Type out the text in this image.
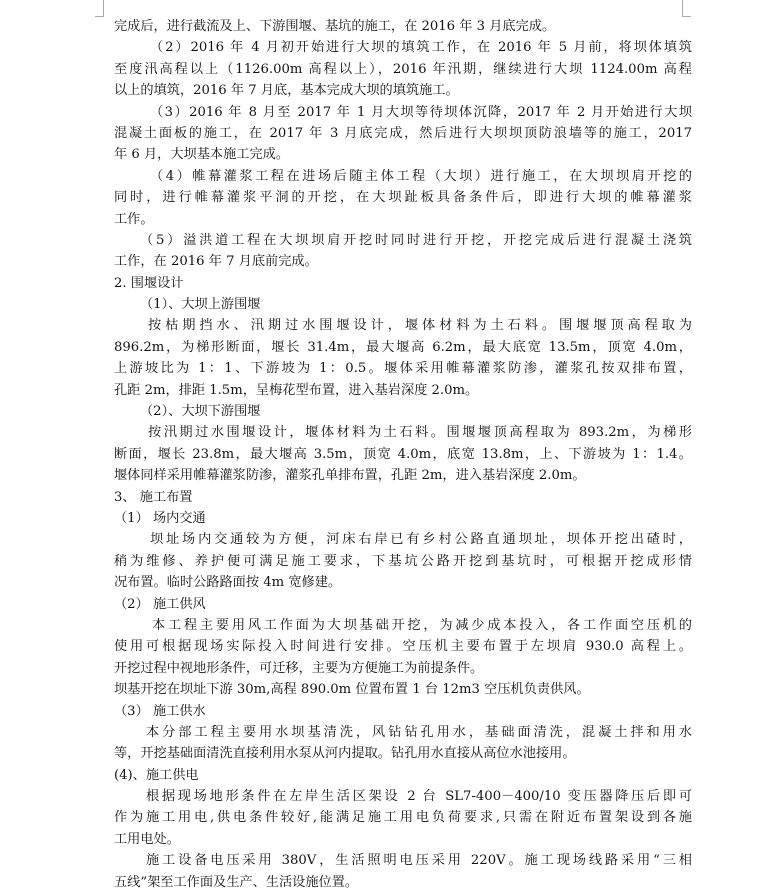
完成后，进行截流及上、下游围堰、基坑的施工，在 2016 年 3 月底完成。
（2）2016 年 4 月初开始进行大坝的填筑工作，在 2016 年 5 月前，将坝体填筑
至度汛高程以上（1126.00m 高程以上），2016 年汛期，继续进行大坝 1124.00m 高程
以上的填筑，2016 年 7 月底，基本完成大坝的填筑施工。
（3）2016 年 8 月至 2017 年 1 月大坝等待坝体沉降，2017 年 2 月开始进行大坝
混凝土面板的施工，在 2017 年 3 月底完成，然后进行大坝坝顶防浪墙等的施工，2017
年 6 月，大坝基本施工完成。
（4）帷幕灌浆工程在进场后随主体工程（大坝）进行施工，在大坝坝肩开挖的
同时，进行帷幕灌浆平洞的开挖，在大坝趾板具备条件后，即进行大坝的帷幕灌浆
工作。
（5）溢洪道工程在大坝坝肩开挖时同时进行开挖，开挖完成后进行混凝土浇筑
工作，在 2016 年 7 月底前完成。
2. 围堰设计
（1）、大坝上游围堰
按枯期挡水、汛期过水围堰设计，堰体材料为土石料。围堰堰顶高程取为
896.2m，为梯形断面，堰长 31.4m，最大堰高 6.2m，最大底宽 13.5m，顶宽 4.0m，
上游坡比为 1：1、下游坡为 1：0.5。堰体采用帷幕灌浆防渗，灌浆孔按双排布置，
孔距 2m，排距 1.5m，呈梅花型布置，进入基岩深度 2.0m。
（2）、大坝下游围堰
按汛期过水围堰设计，堰体材料为土石料。围堰堰顶高程取为 893.2m，为梯形
断面，堰长 23.8m，最大堰高 3.5m，顶宽 4.0m，底宽 13.8m，上、下游坡为 1：1.4。
堰体同样采用帷幕灌浆防渗，灌浆孔单排布置，孔距 2m，进入基岩深度 2.0m。
3、 施工布置
（1） 场内交通
坝址场内交通较为方便，河床右岸已有乡村公路直通坝址，坝体开挖出碴时，
稍为维修、养护便可满足施工要求，下基坑公路开挖到基坑时，可根据开挖成形情
况布置。临时公路路面按 4m 宽修建。
（2） 施工供风
本工程主要用风工作面为大坝基础开挖，为减少成本投入，各工作面空压机的
使用可根据现场实际投入时间进行安排。空压机主要布置于左坝肩 930.0 高程上。
开挖过程中视地形条件，可迁移，主要为方便施工为前提条件。
坝基开挖在坝址下游 30m,高程 890.0m 位置布置 1 台 12m3 空压机负责供风。
（3） 施工供水
本分部工程主要用水坝基清洗，风钻钻孔用水，基础面清洗，混凝土拌和用水
等，开挖基础面清洗直接利用水泵从河内提取。钻孔用水直接从高位水池接用。
(4)、施工供电
根据现场地形条件在左岸生活区架设 2 台 SL7-400－400/10 变压器降压后即可
作为施工用电,供电条件较好,能满足施工用电负荷要求,只需在附近布置架设到各施
工用电处。
施工设备电压采用 380V，生活照明电压采用 220V。施工现场线路采用“三相
五线”架至工作面及生产、生活设施位置。
